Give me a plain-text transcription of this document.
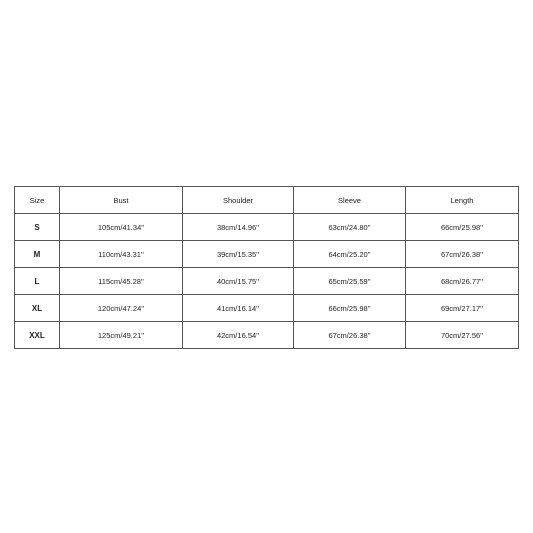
Size	Bust	Shoulder	Sleeve	Length
S	105cm/41.34''	38cm/14.96''	63cm/24.80''	66cm/25.98''
M	110cm/43.31''	39cm/15.35''	64cm/25.20''	67cm/26.38''
L	115cm/45.28''	40cm/15.75''	65cm/25.59''	68cm/26.77''
XL	120cm/47.24''	41cm/16.14''	66cm/25.98''	69cm/27.17''
XXL	125cm/49.21''	42cm/16.54''	67cm/26.38''	70cm/27.56''
